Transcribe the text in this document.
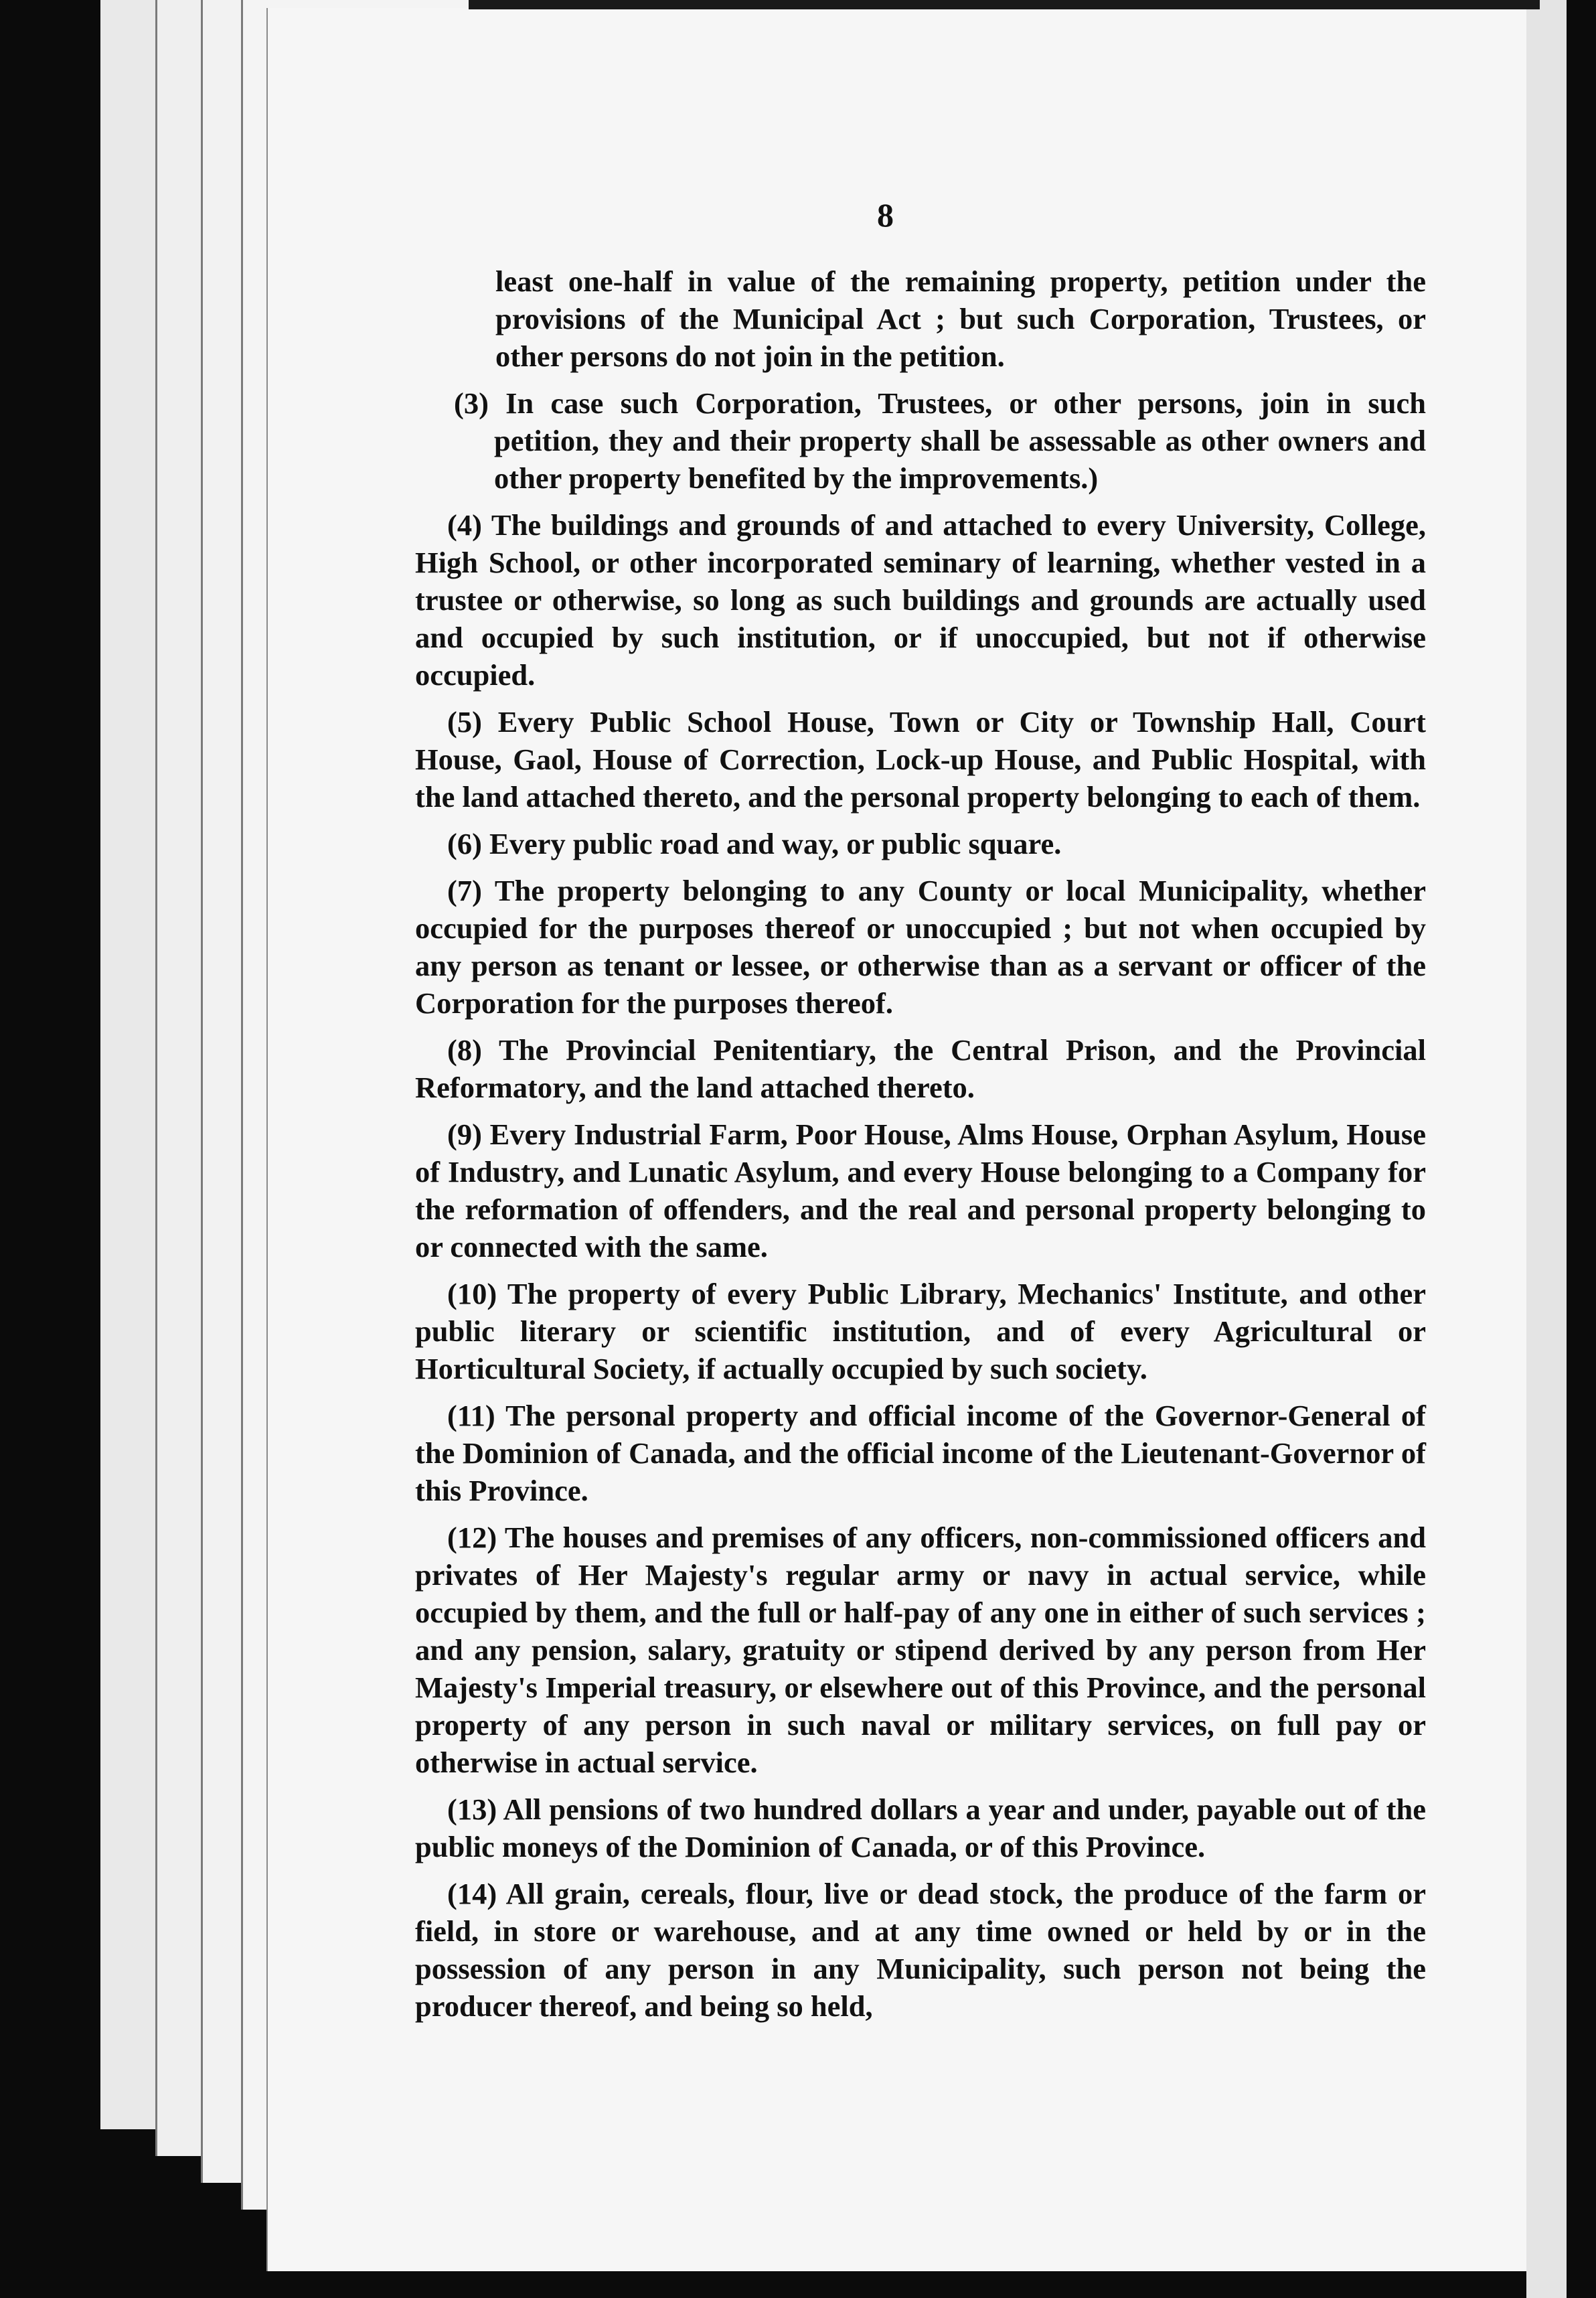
8

least one-half in value of the remaining property, petition under the provisions of the Municipal Act ; but such Corporation, Trustees, or other persons do not join in the petition.

(3) In case such Corporation, Trustees, or other persons, join in such petition, they and their property shall be assessable as other owners and other property benefited by the improvements.)

(4) The buildings and grounds of and attached to every University, College, High School, or other incorporated seminary of learning, whether vested in a trustee or otherwise, so long as such buildings and grounds are actually used and occupied by such institution, or if unoccupied, but not if otherwise occupied.

(5) Every Public School House, Town or City or Township Hall, Court House, Gaol, House of Correction, Lock-up House, and Public Hospital, with the land attached thereto, and the personal property belonging to each of them.

(6) Every public road and way, or public square.

(7) The property belonging to any County or local Municipality, whether occupied for the purposes thereof or unoccupied ; but not when occupied by any person as tenant or lessee, or otherwise than as a servant or officer of the Corporation for the purposes thereof.

(8) The Provincial Penitentiary, the Central Prison, and the Provincial Reformatory, and the land attached thereto.

(9) Every Industrial Farm, Poor House, Alms House, Orphan Asylum, House of Industry, and Lunatic Asylum, and every House belonging to a Company for the reformation of offenders, and the real and personal property belonging to or connected with the same.

(10) The property of every Public Library, Mechanics' Institute, and other public literary or scientific institution, and of every Agricultural or Horticultural Society, if actually occupied by such society.

(11) The personal property and official income of the Governor-General of the Dominion of Canada, and the official income of the Lieutenant-Governor of this Province.

(12) The houses and premises of any officers, non-commissioned officers and privates of Her Majesty's regular army or navy in actual service, while occupied by them, and the full or half-pay of any one in either of such services ; and any pension, salary, gratuity or stipend derived by any person from Her Majesty's Imperial treasury, or elsewhere out of this Province, and the personal property of any person in such naval or military services, on full pay or otherwise in actual service.

(13) All pensions of two hundred dollars a year and under, payable out of the public moneys of the Dominion of Canada, or of this Province.

(14) All grain, cereals, flour, live or dead stock, the produce of the farm or field, in store or warehouse, and at any time owned or held by or in the possession of any person in any Municipality, such person not being the producer thereof, and being so held,
